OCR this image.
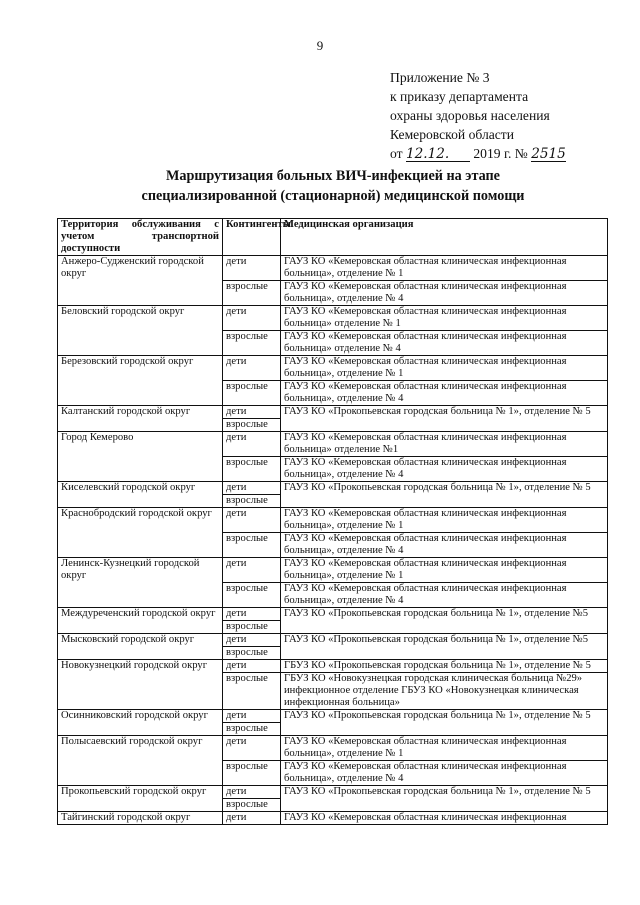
9
Приложение № 3
к приказу департамента
охраны здоровья населения
Кемеровской области
от 12.12. 2019 г. № 2515
Маршрутизация больных ВИЧ-инфекцией на этапе
специализированной (стационарной) медицинской помощи
Территория обслуживания с учетом транспортной доступности	Контингенты	Медицинская организация
Анжеро-Судженский городской округ	дети	ГАУЗ КО «Кемеровская областная клиническая инфекционная больница», отделение № 1
	взрослые	ГАУЗ КО «Кемеровская областная клиническая инфекционная больница», отделение № 4
Беловский городской округ	дети	ГАУЗ КО «Кемеровская областная клиническая инфекционная больница» отделение № 1
	взрослые	ГАУЗ КО «Кемеровская областная клиническая инфекционная больница» отделение № 4
Березовский городской округ	дети	ГАУЗ КО «Кемеровская областная клиническая инфекционная больница», отделение № 1
	взрослые	ГАУЗ КО «Кемеровская областная клиническая инфекционная больница», отделение № 4
Калтанский городской округ	дети	ГАУЗ КО «Прокопьевская городская больница № 1», отделение № 5
	взрослые	
Город Кемерово	дети	ГАУЗ КО «Кемеровская областная клиническая инфекционная больница» отделение №1
	взрослые	ГАУЗ КО «Кемеровская областная клиническая инфекционная больница», отделение № 4
Киселевский городской округ	дети	ГАУЗ КО «Прокопьевская городская больница № 1», отделение № 5
	взрослые	
Краснобродский городской округ	дети	ГАУЗ КО «Кемеровская областная клиническая инфекционная больница», отделение № 1
	взрослые	ГАУЗ КО «Кемеровская областная клиническая инфекционная больница», отделение № 4
Ленинск-Кузнецкий городской округ	дети	ГАУЗ КО «Кемеровская областная клиническая инфекционная больница», отделение № 1
	взрослые	ГАУЗ КО «Кемеровская областная клиническая инфекционная больница», отделение № 4
Междуреченский городской округ	дети	ГАУЗ КО «Прокопьевская городская больница № 1», отделение №5
	взрослые	
Мысковский городской округ	дети	ГАУЗ КО «Прокопьевская городская больница № 1», отделение №5
	взрослые	
Новокузнецкий городской округ	дети	ГБУЗ КО «Прокопьевская городская больница № 1», отделение № 5
	взрослые	ГБУЗ КО «Новокузнецкая городская клиническая больница №29» инфекционное отделение ГБУЗ КО «Новокузнецкая клиническая инфекционная больница»
Осинниковский городской округ	дети	ГАУЗ КО «Прокопьевская городская больница № 1», отделение № 5
	взрослые	
Полысаевский городской округ	дети	ГАУЗ КО «Кемеровская областная клиническая инфекционная больница», отделение № 1
	взрослые	ГАУЗ КО «Кемеровская областная клиническая инфекционная больница», отделение № 4
Прокопьевский городской округ	дети	ГАУЗ КО «Прокопьевская городская больница № 1», отделение № 5
	взрослые	
Тайгинский городской округ	дети	ГАУЗ КО «Кемеровская областная клиническая инфекционная
